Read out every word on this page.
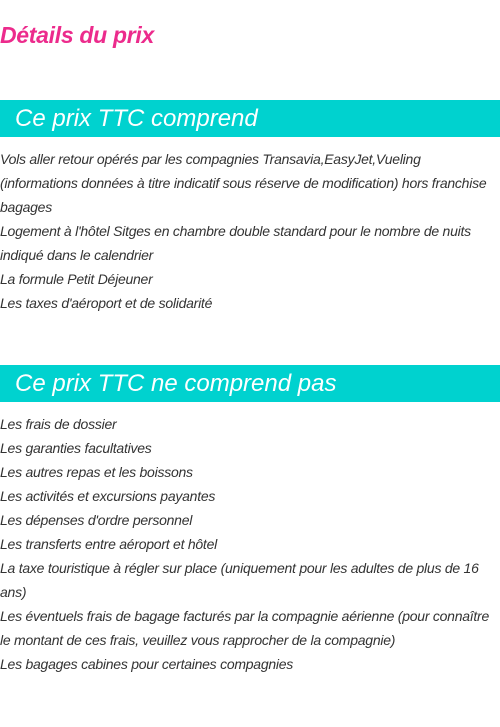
Détails du prix
Ce prix TTC comprend
Vols aller retour opérés par les compagnies Transavia,EasyJet,Vueling (informations données à titre indicatif sous réserve de modification) hors franchise bagages
Logement à l'hôtel Sitges en chambre double standard pour le nombre de nuits indiqué dans le calendrier
La formule Petit Déjeuner
Les taxes d'aéroport et de solidarité
Ce prix TTC ne comprend pas
Les frais de dossier
Les garanties facultatives
Les autres repas et les boissons
Les activités et excursions payantes
Les dépenses d'ordre personnel
Les transferts entre aéroport et hôtel
La taxe touristique à régler sur place (uniquement pour les adultes de plus de 16 ans)
Les éventuels frais de bagage facturés par la compagnie aérienne (pour connaître le montant de ces frais, veuillez vous rapprocher de la compagnie)
Les bagages cabines pour certaines compagnies
